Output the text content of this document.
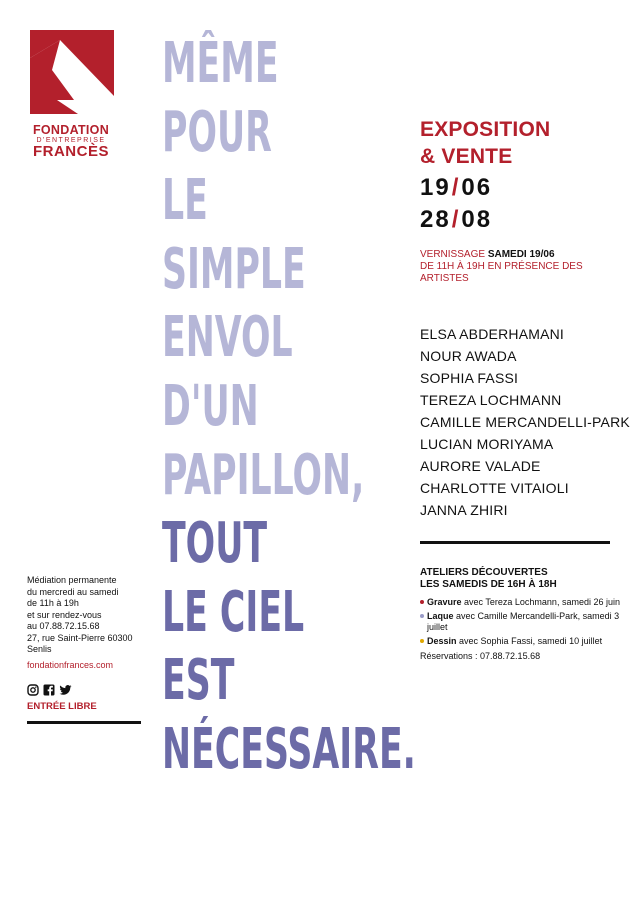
FONDATION
D'ENTREPRISE
FRANCÈS
MÊME
POUR
LE
SIMPLE
ENVOL
D'UN
PAPILLON,
TOUT
LE CIEL
EST
NÉCESSAIRE.
EXPOSITION
& VENTE
19/06
28/08
VERNISSAGE SAMEDI 19/06
DE 11H À 19H EN PRÉSENCE DES ARTISTES
ELSA ABDERHAMANI
NOUR AWADA
SOPHIA FASSI
TEREZA LOCHMANN
CAMILLE MERCANDELLI-PARK
LUCIAN MORIYAMA
AURORE VALADE
CHARLOTTE VITAIOLI
JANNA ZHIRI
ATELIERS DÉCOUVERTES
LES SAMEDIS DE 16H À 18H
Gravure avec Tereza Lochmann, samedi 26 juin
Laque avec Camille Mercandelli-Park, samedi 3 juillet
Dessin avec Sophia Fassi, samedi 10 juillet
Réservations : 07.88.72.15.68
Médiation permanente
du mercredi au samedi
de 11h à 19h
et sur rendez-vous
au 07.88.72.15.68
27, rue Saint-Pierre 60300 Senlis
fondationfrances.com
ENTRÉE LIBRE
